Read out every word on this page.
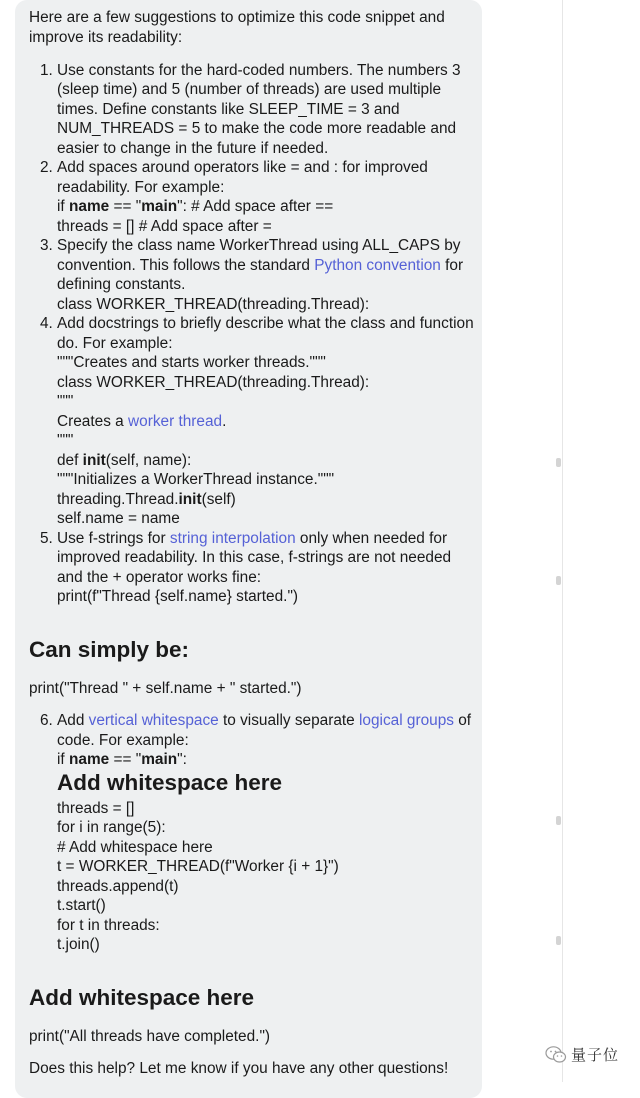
Here are a few suggestions to optimize this code snippet and

improve its readability:

1. Use constants for the hard-coded numbers. The numbers 3

(sleep time) and 5 (number of threads) are used multiple

times. Define constants like SLEEP_TIME = 3 and

NUM_THREADS = 5 to make the code more readable and

easier to change in the future if needed.

2. Add spaces around operators like = and : for improved

readability. For example:

if name == "main": # Add space after ==

threads = [] # Add space after =

3. Specify the class name WorkerThread using ALL_CAPS by

convention. This follows the standard Python convention for

defining constants.

class WORKER_THREAD(threading.Thread):

4. Add docstrings to briefly describe what the class and function

do. For example:

"""Creates and starts worker threads."""

class WORKER_THREAD(threading.Thread):

"""

Creates a worker thread.

"""

def init(self, name):

"""Initializes a WorkerThread instance."""

threading.Thread.init(self)

self.name = name

5. Use f-strings for string interpolation only when needed for

improved readability. In this case, f-strings are not needed

and the + operator works fine:

print(f"Thread {self.name} started.")

Can simply be:

print("Thread " + self.name + " started.")

6. Add vertical whitespace to visually separate logical groups of

code. For example:

if name == "main":

Add whitespace here

threads = []

for i in range(5):

# Add whitespace here

t = WORKER_THREAD(f"Worker {i + 1}")

threads.append(t)

t.start()

for t in threads:

t.join()

Add whitespace here

print("All threads have completed.")

Does this help? Let me know if you have any other questions!

量子位
